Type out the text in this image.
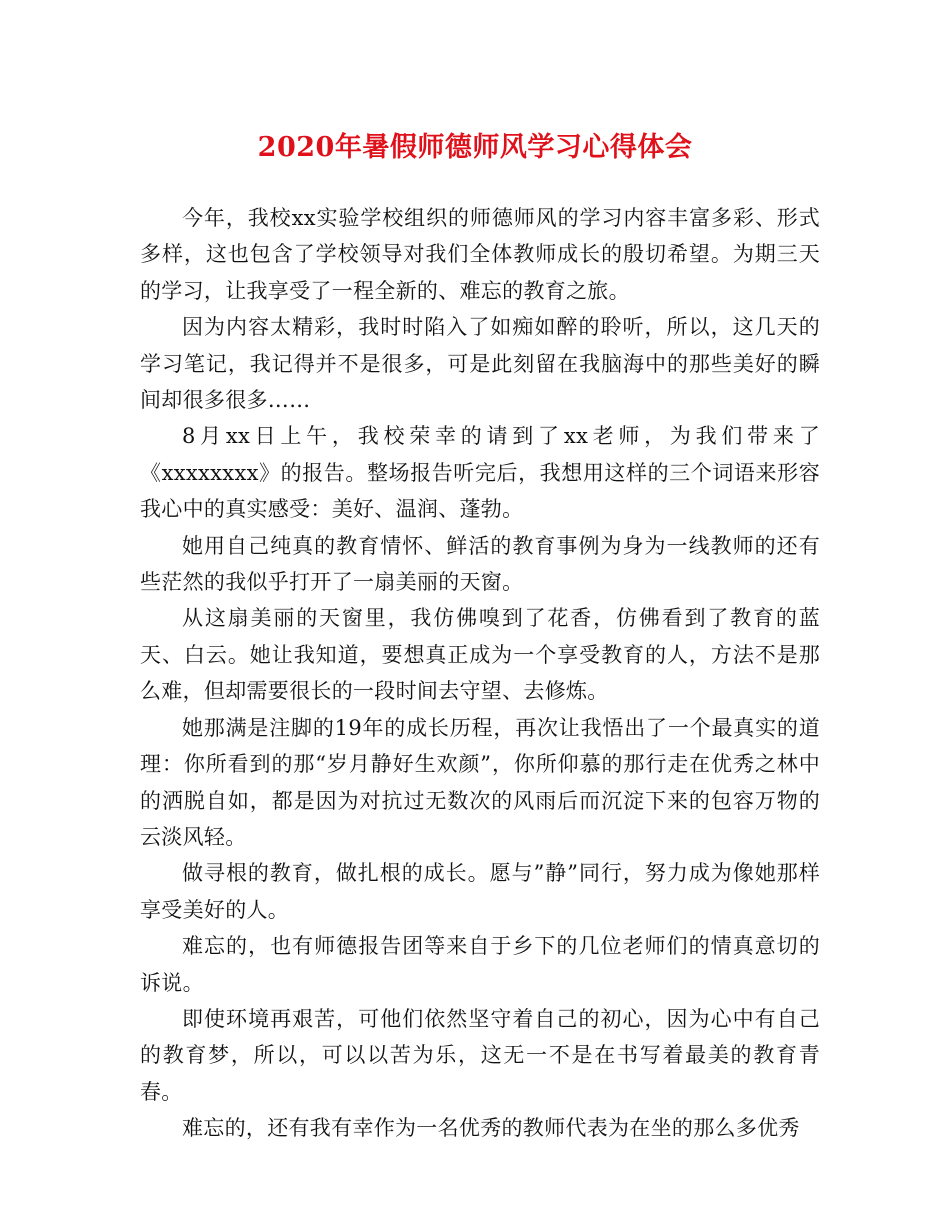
2020年暑假师德师风学习心得体会

今年，我校xx实验学校组织的师德师风的学习内容丰富多彩、形式多样，这也包含了学校领导对我们全体教师成长的殷切希望。为期三天的学习，让我享受了一程全新的、难忘的教育之旅。

因为内容太精彩，我时时陷入了如痴如醉的聆听，所以，这几天的学习笔记，我记得并不是很多，可是此刻留在我脑海中的那些美好的瞬间却很多很多……

8月xx日上午，我校荣幸的请到了xx老师，为我们带来了《xxxxxxxx》的报告。整场报告听完后，我想用这样的三个词语来形容我心中的真实感受：美好、温润、蓬勃。

她用自己纯真的教育情怀、鲜活的教育事例为身为一线教师的还有些茫然的我似乎打开了一扇美丽的天窗。

从这扇美丽的天窗里，我仿佛嗅到了花香，仿佛看到了教育的蓝天、白云。她让我知道，要想真正成为一个享受教育的人，方法不是那么难，但却需要很长的一段时间去守望、去修炼。

她那满是注脚的19年的成长历程，再次让我悟出了一个最真实的道理：你所看到的那“岁月静好生欢颜”，你所仰慕的那行走在优秀之林中的洒脱自如，都是因为对抗过无数次的风雨后而沉淀下来的包容万物的云淡风轻。

做寻根的教育，做扎根的成长。愿与”静”同行，努力成为像她那样享受美好的人。

难忘的，也有师德报告团等来自于乡下的几位老师们的情真意切的诉说。

即使环境再艰苦，可他们依然坚守着自己的初心，因为心中有自己的教育梦，所以，可以以苦为乐，这无一不是在书写着最美的教育青春。

难忘的，还有我有幸作为一名优秀的教师代表为在坐的那么多优秀
